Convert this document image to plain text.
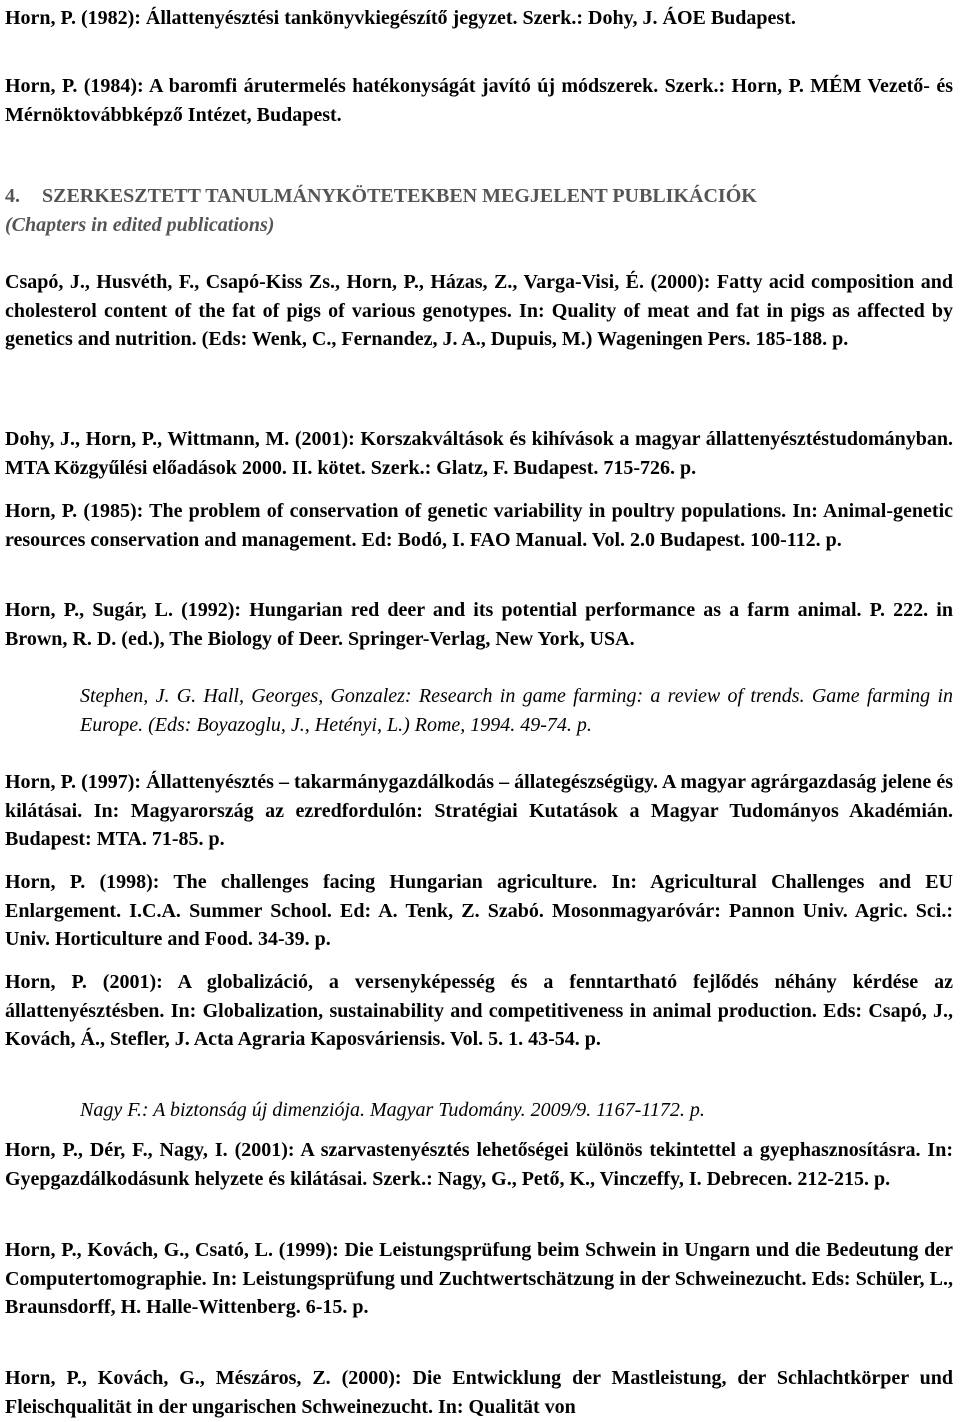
Horn, P. (1982): Állattenyésztési tankönyvkiegészítő jegyzet. Szerk.: Dohy, J. ÁOE Budapest.

Horn, P. (1984): A baromfi árutermelés hatékonyságát javító új módszerek. Szerk.: Horn, P. MÉM Vezető- és Mérnöktovábbképző Intézet, Budapest.

4. SZERKESZTETT TANULMÁNYKÖTETEKBEN MEGJELENT PUBLIKÁCIÓK
(Chapters in edited publications)

Csapó, J., Husvéth, F., Csapó-Kiss Zs., Horn, P., Házas, Z., Varga-Visi, É. (2000): Fatty acid composition and cholesterol content of the fat of pigs of various genotypes. In: Quality of meat and fat in pigs as affected by genetics and nutrition. (Eds: Wenk, C., Fernandez, J. A., Dupuis, M.) Wageningen Pers. 185-188. p.

Dohy, J., Horn, P., Wittmann, M. (2001): Korszakváltások és kihívások a magyar állattenyésztéstudományban. MTA Közgyűlési előadások 2000. II. kötet. Szerk.: Glatz, F. Budapest. 715-726. p.

Horn, P. (1985): The problem of conservation of genetic variability in poultry populations. In: Animal-genetic resources conservation and management. Ed: Bodó, I. FAO Manual. Vol. 2.0 Budapest. 100-112. p.

Horn, P., Sugár, L. (1992): Hungarian red deer and its potential performance as a farm animal. P. 222. in Brown, R. D. (ed.), The Biology of Deer. Springer-Verlag, New York, USA.

Stephen, J. G. Hall, Georges, Gonzalez: Research in game farming: a review of trends. Game farming in Europe. (Eds: Boyazoglu, J., Hetényi, L.) Rome, 1994. 49-74. p.

Horn, P. (1997): Állattenyésztés – takarmánygazdálkodás – állategészségügy. A magyar agrárgazdaság jelene és kilátásai. In: Magyarország az ezredfordulón: Stratégiai Kutatások a Magyar Tudományos Akadémián. Budapest: MTA. 71-85. p.

Horn, P. (1998): The challenges facing Hungarian agriculture. In: Agricultural Challenges and EU Enlargement. I.C.A. Summer School. Ed: A. Tenk, Z. Szabó. Mosonmagyaróvár: Pannon Univ. Agric. Sci.: Univ. Horticulture and Food. 34-39. p.

Horn, P. (2001): A globalizáció, a versenyképesség és a fenntartható fejlődés néhány kérdése az állattenyésztésben. In: Globalization, sustainability and competitiveness in animal production. Eds: Csapó, J., Kovách, Á., Stefler, J. Acta Agraria Kaposváriensis. Vol. 5. 1. 43-54. p.

Nagy F.: A biztonság új dimenziója. Magyar Tudomány. 2009/9. 1167-1172. p.

Horn, P., Dér, F., Nagy, I. (2001): A szarvastenyésztés lehetőségei különös tekintettel a gyephasznosításra. In: Gyepgazdálkodásunk helyzete és kilátásai. Szerk.: Nagy, G., Pető, K., Vinczeffy, I. Debrecen. 212-215. p.

Horn, P., Kovách, G., Csató, L. (1999): Die Leistungsprüfung beim Schwein in Ungarn und die Bedeutung der Computertomographie. In: Leistungsprüfung und Zuchtwertschätzung in der Schweinezucht. Eds: Schüler, L., Braunsdorff, H. Halle-Wittenberg. 6-15. p.

Horn, P., Kovách, G., Mészáros, Z. (2000): Die Entwicklung der Mastleistung, der Schlachtkörper und Fleischqualität in der ungarischen Schweinezucht. In: Qualität von
